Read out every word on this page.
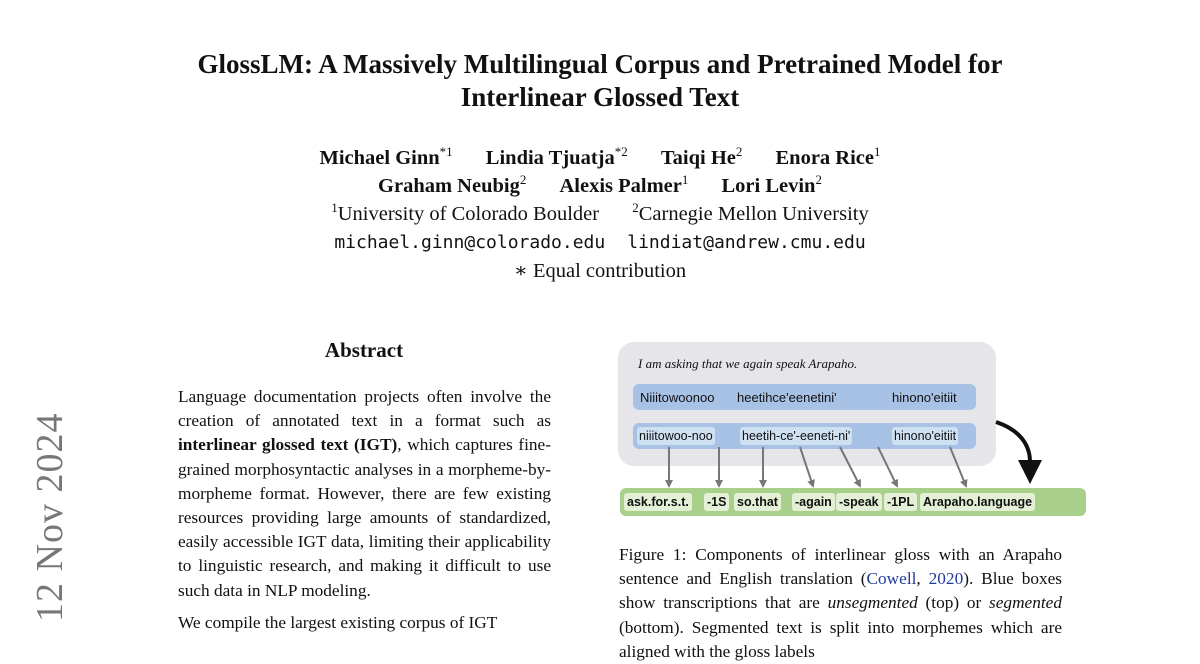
12 Nov 2024
GlossLM: A Massively Multilingual Corpus and Pretrained Model for
Interlinear Glossed Text
Michael Ginn$^{*1}$ Lindia Tjuatja$^{*2}$ Taiqi He$^2$ Enora Rice$^1$
Graham Neubig$^2$ Alexis Palmer$^1$ Lori Levin$^2$
$^1$University of Colorado Boulder	$^2$Carnegie Mellon University
michael.ginn@colorado.edu lindiat@andrew.cmu.edu
∗ Equal contribution
Abstract

Language documentation projects often involve the creation of annotated text in a format such as interlinear glossed text (IGT), which captures fine-grained morphosyntactic analyses in a morpheme-by-morpheme format. However, there are few existing resources providing large amounts of standardized, easily accessible IGT data, limiting their applicability to linguistic research, and making it difficult to use such data in NLP modeling.

We compile the largest existing corpus of IGT

I am asking that we again speak Arapaho.
Niiitowoonoo heetihce'eenetini'	hinono'eitiit
niiitowoo-noo heetih-ce'-eeneti-ni'	hinono'eitiit
ask.for.s.t. -1S so.that -again -speak -1PL Arapaho.language
Figure 1: Components of interlinear gloss with an Arapaho sentence and English translation (Cowell, 2020). Blue boxes show transcriptions that are unsegmented (top) or segmented (bottom). Segmented text is split into morphemes which are aligned with the gloss labels
